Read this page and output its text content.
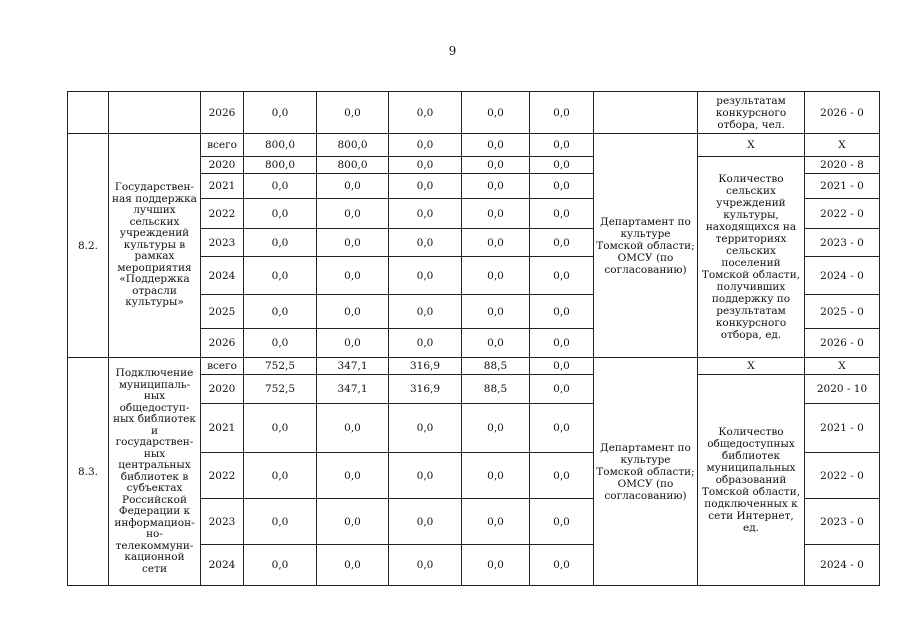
9
		2026	0,0	0,0	0,0	0,0	0,0		результатам конкурсного отбора, чел.	2026 - 0
8.2.	Государствен-ная поддержка лучших сельских учреждений культуры в рамках мероприятия «Поддержка отрасли культуры»	всего	800,0	800,0	0,0	0,0	0,0	Департамент по культуре Томской области; ОМСУ (по согласованию)	Х	Х
		2020	800,0	800,0	0,0	0,0	0,0		Количество сельских учреждений культуры, находящихся на территориях сельских поселений Томской области, получивших поддержку по результатам конкурсного отбора, ед.	2020 - 8
		2021	0,0	0,0	0,0	0,0	0,0			2021 - 0
		2022	0,0	0,0	0,0	0,0	0,0			2022 - 0
		2023	0,0	0,0	0,0	0,0	0,0			2023 - 0
		2024	0,0	0,0	0,0	0,0	0,0			2024 - 0
		2025	0,0	0,0	0,0	0,0	0,0			2025 - 0
		2026	0,0	0,0	0,0	0,0	0,0			2026 - 0
8.3.	Подключение муниципаль-ных общедоступ-ных библиотек и государствен-ных центральных библиотек в субъектах Российской Федерации к информацион-но-телекоммуни-кационной сети	всего	752,5	347,1	316,9	88,5	0,0	Департамент по культуре Томской области; ОМСУ (по согласованию)	Х	Х
		2020	752,5	347,1	316,9	88,5	0,0		Количество общедоступных библиотек муниципальных образований Томской области, подключенных к сети Интернет, ед.	2020 - 10
		2021	0,0	0,0	0,0	0,0	0,0			2021 - 0
		2022	0,0	0,0	0,0	0,0	0,0			2022 - 0
		2023	0,0	0,0	0,0	0,0	0,0			2023 - 0
		2024	0,0	0,0	0,0	0,0	0,0			2024 - 0
